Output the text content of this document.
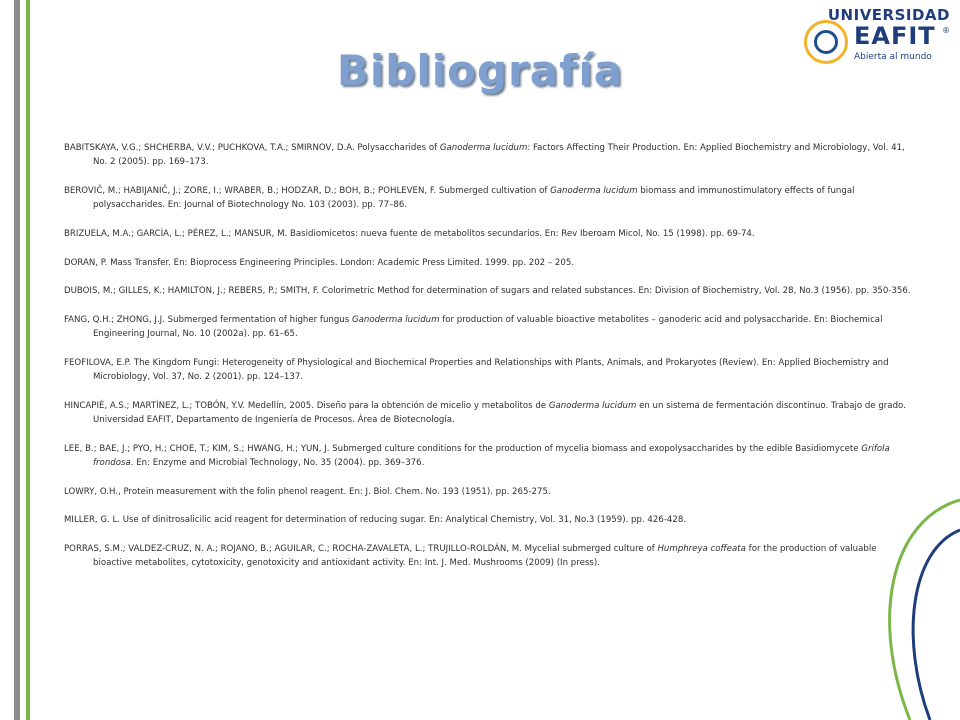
UNIVERSIDAD
EAFIT ®
Abierta al mundo
Bibliografía

BABITSKAYA, V.G.; SHCHERBA, V.V.; PUCHKOVA, T.A.; SMIRNOV, D.A. Polysaccharides of Ganoderma lucidum: Factors Affecting Their Production. En: Applied Biochemistry and Microbiology, Vol. 41, No. 2 (2005). pp. 169–173.

BEROVIČ, M.; HABIJANIČ, J.; ZORE, I.; WRABER, B.; HODZAR, D.; BOH, B.; POHLEVEN, F. Submerged cultivation of Ganoderma lucidum biomass and immunostimulatory effects of fungal polysaccharides. En: Journal of Biotechnology No. 103 (2003). pp. 77–86.

BRIZUELA, M.A.; GARCÍA, L.; PÉREZ, L.; MANSUR, M. Basidiomicetos: nueva fuente de metabolitos secundarios. En: Rev Iberoam Micol, No. 15 (1998). pp. 69-74.

DORAN, P. Mass Transfer. En: Bioprocess Engineering Principles. London: Academic Press Limited. 1999. pp. 202 – 205.

DUBOIS, M.; GILLES, K.; HAMILTON, J.; REBERS, P.; SMITH, F. Colorimetric Method for determination of sugars and related substances. En: Division of Biochemistry, Vol. 28, No.3 (1956). pp. 350-356.

FANG, Q.H.; ZHONG, J.J. Submerged fermentation of higher fungus Ganoderma lucidum for production of valuable bioactive metabolites – ganoderic acid and polysaccharide. En: Biochemical Engineering Journal, No. 10 (2002a). pp. 61–65.

FEOFILOVA, E.P. The Kingdom Fungi: Heterogeneity of Physiological and Biochemical Properties and Relationships with Plants, Animals, and Prokaryotes (Review). En: Applied Biochemistry and Microbiology, Vol. 37, No. 2 (2001). pp. 124–137.

HINCAPIÉ, A.S.; MARTÍNEZ, L.; TOBÓN, Y.V. Medellín, 2005. Diseño para la obtención de micelio y metabolitos de Ganoderma lucidum en un sistema de fermentación discontinuo. Trabajo de grado. Universidad EAFIT, Departamento de Ingeniería de Procesos. Área de Biotecnología.

LEE, B.; BAE, J.; PYO, H.; CHOE, T.; KIM, S.; HWANG, H.; YUN, J. Submerged culture conditions for the production of mycelia biomass and exopolysaccharides by the edible Basidiomycete Grifola frondosa. En: Enzyme and Microbial Technology, No. 35 (2004). pp. 369–376.

LOWRY, O.H., Protein measurement with the folin phenol reagent. En: J. Biol. Chem. No. 193 (1951). pp. 265-275.

MILLER, G. L. Use of dinitrosalicilic acid reagent for determination of reducing sugar. En: Analytical Chemistry, Vol. 31, No.3 (1959). pp. 426-428.

PORRAS, S.M.; VALDEZ-CRUZ, N. A.; ROJANO, B.; AGUILAR, C.; ROCHA-ZAVALETA, L.; TRUJILLO-ROLDÁN, M. Mycelial submerged culture of Humphreya coffeata for the production of valuable bioactive metabolites, cytotoxicity, genotoxicity and antioxidant activity. En: Int. J. Med. Mushrooms (2009) (In press).
